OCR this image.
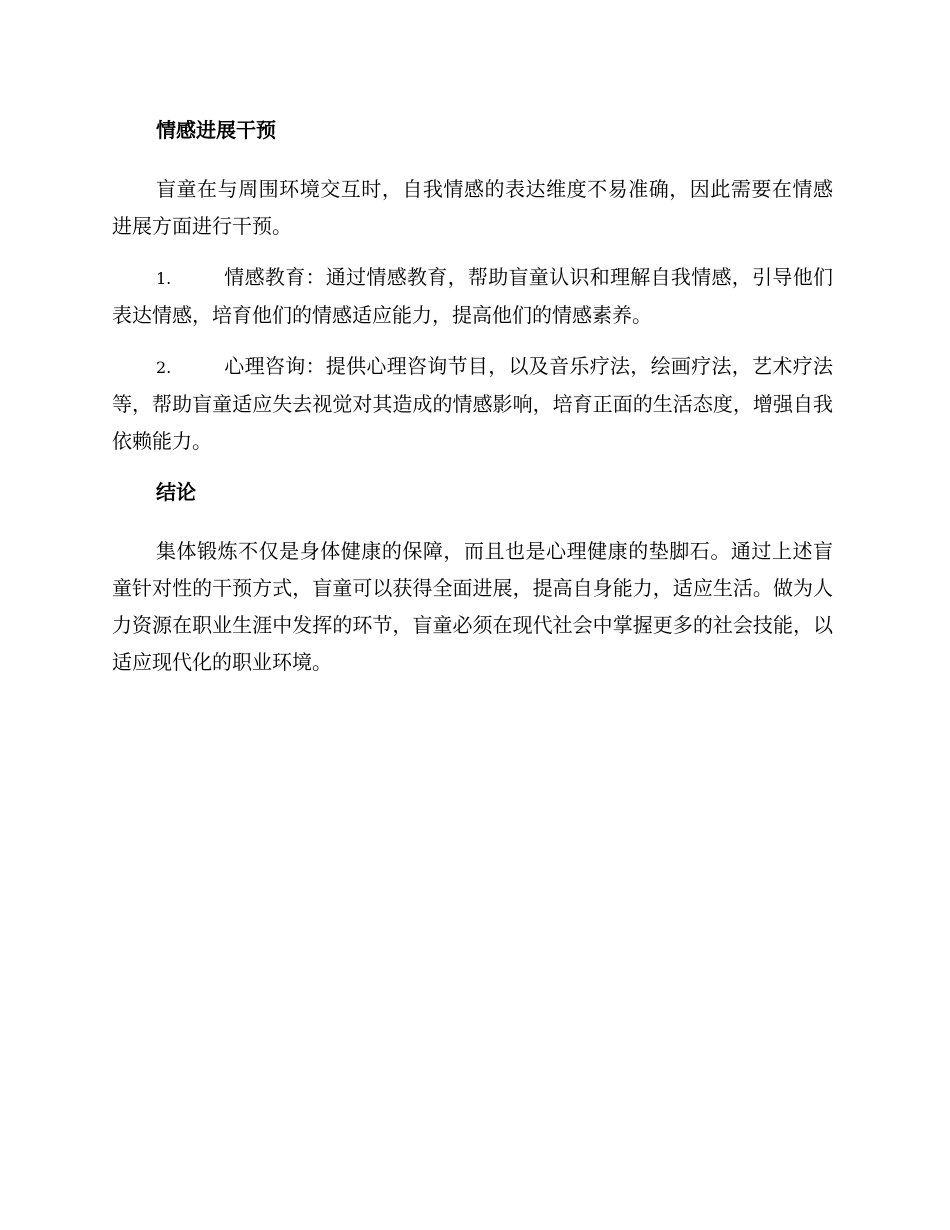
情感进展干预

盲童在与周围环境交互时，自我情感的表达维度不易准确，因此需要在情感进展方面进行干预。

1.	情感教育：通过情感教育，帮助盲童认识和理解自我情感，引导他们表达情感，培育他们的情感适应能力，提高他们的情感素养。

2.	心理咨询：提供心理咨询节目，以及音乐疗法，绘画疗法，艺术疗法等，帮助盲童适应失去视觉对其造成的情感影响，培育正面的生活态度，增强自我依赖能力。

结论

集体锻炼不仅是身体健康的保障，而且也是心理健康的垫脚石。通过上述盲童针对性的干预方式，盲童可以获得全面进展，提高自身能力，适应生活。做为人力资源在职业生涯中发挥的环节，盲童必须在现代社会中掌握更多的社会技能，以适应现代化的职业环境。
